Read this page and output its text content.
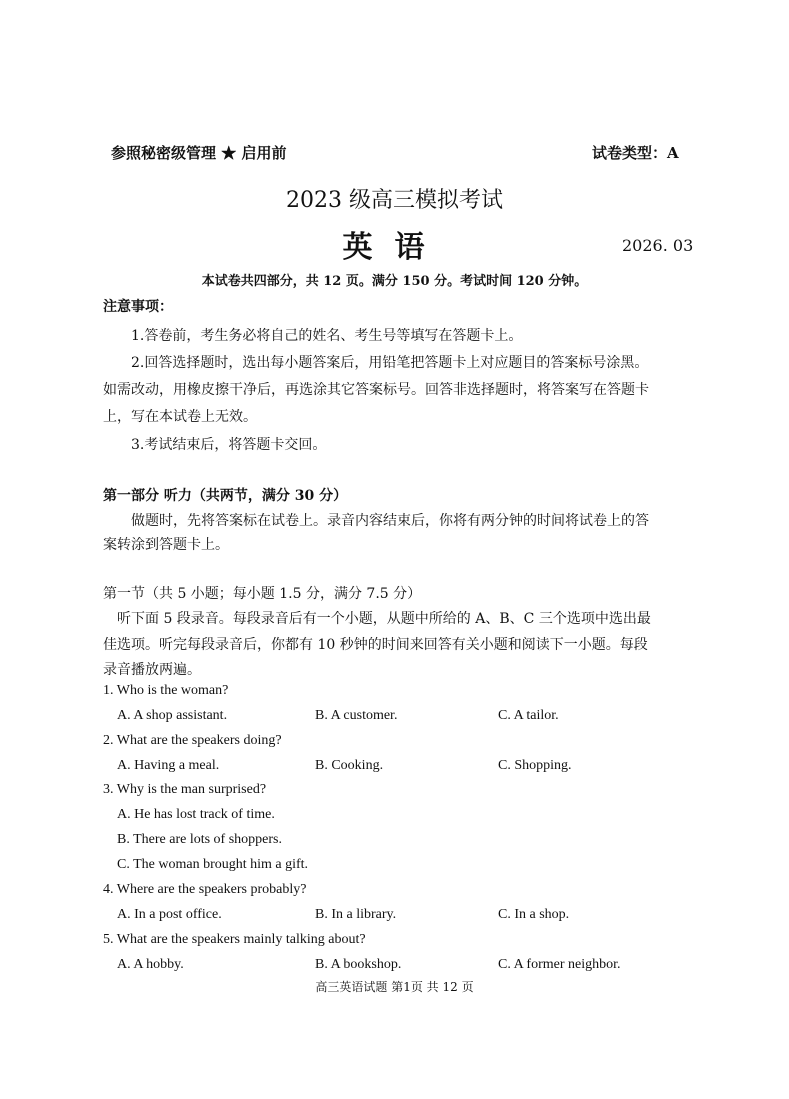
参照秘密级管理 ★ 启用前	试卷类型：A
2023 级高三模拟考试
英语	2026. 03
本试卷共四部分，共 12 页。满分 150 分。考试时间 120 分钟。
注意事项：
1.答卷前，考生务必将自己的姓名、考生号等填写在答题卡上。
2.回答选择题时，选出每小题答案后，用铅笔把答题卡上对应题目的答案标号涂黑。
如需改动，用橡皮擦干净后，再选涂其它答案标号。回答非选择题时，将答案写在答题卡
上，写在本试卷上无效。
3.考试结束后，将答题卡交回。
第一部分 听力（共两节，满分 30 分）
做题时，先将答案标在试卷上。录音内容结束后，你将有两分钟的时间将试卷上的答
案转涂到答题卡上。
第一节（共 5 小题；每小题 1.5 分，满分 7.5 分）
听下面 5 段录音。每段录音后有一个小题，从题中所给的 A、B、C 三个选项中选出最
佳选项。听完每段录音后，你都有 10 秒钟的时间来回答有关小题和阅读下一小题。每段
录音播放两遍。
1. Who is the woman?
A. A shop assistant.	B. A customer.	C. A tailor.
2. What are the speakers doing?
A. Having a meal.	B. Cooking.	C. Shopping.
3. Why is the man surprised?
A. He has lost track of time.
B. There are lots of shoppers.
C. The woman brought him a gift.
4. Where are the speakers probably?
A. In a post office.	B. In a library.	C. In a shop.
5. What are the speakers mainly talking about?
A. A hobby.	B. A bookshop.	C. A former neighbor.
高三英语试题 第1页 共 12 页
